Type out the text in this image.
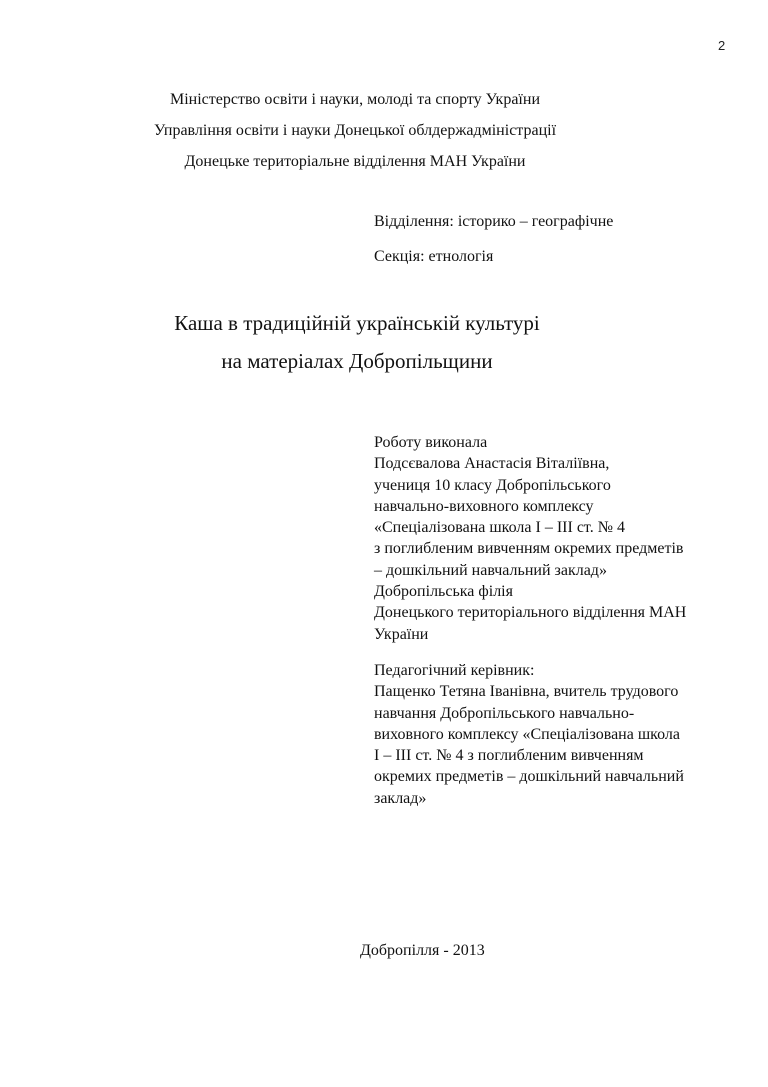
2
Міністерство освіти і науки, молоді та спорту України
Управління освіти і науки Донецької облдержадміністрації
Донецьке територіальне відділення МАН України
Відділення: історико – географічне
Секція: етнологія
Каша в традиційній українській культурі
на матеріалах Добропільщини
Роботу виконала
Подсєвалова Анастасія Віталіївна,
учениця 10 класу Добропільського
навчально-виховного комплексу
«Спеціалізована школа І – ІІІ ст. № 4
з поглибленим вивченням окремих предметів
– дошкільний навчальний заклад»
Добропільська філія
Донецького територіального відділення МАН
України
Педагогічний керівник:
Пащенко Тетяна Іванівна, вчитель трудового
навчання Добропільського навчально-
виховного комплексу «Спеціалізована школа
І – ІІІ ст. № 4 з поглибленим вивченням
окремих предметів – дошкільний навчальний
заклад»
Добропілля - 2013
